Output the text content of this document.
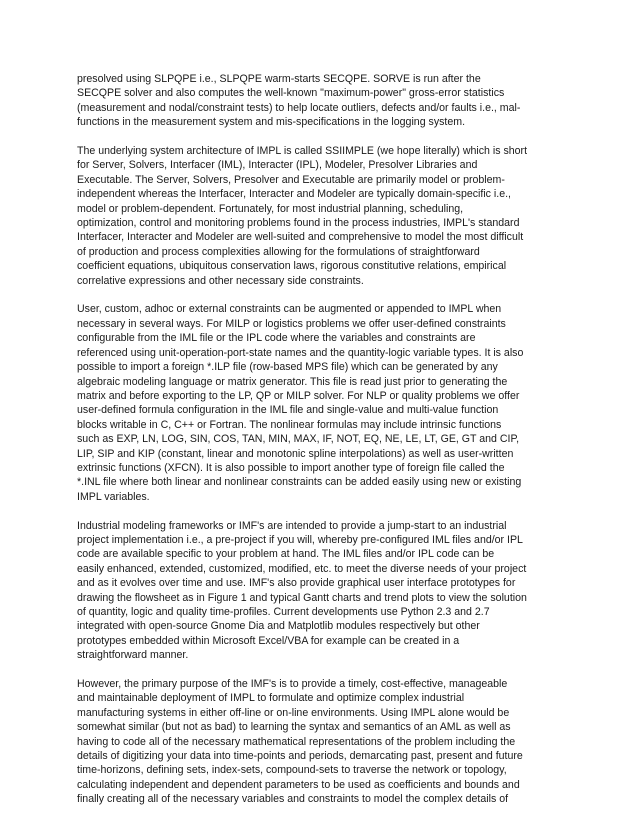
presolved using SLPQPE i.e., SLPQPE warm-starts SECQPE. SORVE is run after the
SECQPE solver and also computes the well-known "maximum-power" gross-error statistics
(measurement and nodal/constraint tests) to help locate outliers, defects and/or faults i.e., mal-
functions in the measurement system and mis-specifications in the logging system.

The underlying system architecture of IMPL is called SSIIMPLE (we hope literally) which is short
for Server, Solvers, Interfacer (IML), Interacter (IPL), Modeler, Presolver Libraries and
Executable. The Server, Solvers, Presolver and Executable are primarily model or problem-
independent whereas the Interfacer, Interacter and Modeler are typically domain-specific i.e.,
model or problem-dependent. Fortunately, for most industrial planning, scheduling,
optimization, control and monitoring problems found in the process industries, IMPL's standard
Interfacer, Interacter and Modeler are well-suited and comprehensive to model the most difficult
of production and process complexities allowing for the formulations of straightforward
coefficient equations, ubiquitous conservation laws, rigorous constitutive relations, empirical
correlative expressions and other necessary side constraints.

User, custom, adhoc or external constraints can be augmented or appended to IMPL when
necessary in several ways. For MILP or logistics problems we offer user-defined constraints
configurable from the IML file or the IPL code where the variables and constraints are
referenced using unit-operation-port-state names and the quantity-logic variable types. It is also
possible to import a foreign *.ILP file (row-based MPS file) which can be generated by any
algebraic modeling language or matrix generator. This file is read just prior to generating the
matrix and before exporting to the LP, QP or MILP solver. For NLP or quality problems we offer
user-defined formula configuration in the IML file and single-value and multi-value function
blocks writable in C, C++ or Fortran. The nonlinear formulas may include intrinsic functions
such as EXP, LN, LOG, SIN, COS, TAN, MIN, MAX, IF, NOT, EQ, NE, LE, LT, GE, GT and CIP,
LIP, SIP and KIP (constant, linear and monotonic spline interpolations) as well as user-written
extrinsic functions (XFCN). It is also possible to import another type of foreign file called the
*.INL file where both linear and nonlinear constraints can be added easily using new or existing
IMPL variables.

Industrial modeling frameworks or IMF's are intended to provide a jump-start to an industrial
project implementation i.e., a pre-project if you will, whereby pre-configured IML files and/or IPL
code are available specific to your problem at hand. The IML files and/or IPL code can be
easily enhanced, extended, customized, modified, etc. to meet the diverse needs of your project
and as it evolves over time and use. IMF's also provide graphical user interface prototypes for
drawing the flowsheet as in Figure 1 and typical Gantt charts and trend plots to view the solution
of quantity, logic and quality time-profiles. Current developments use Python 2.3 and 2.7
integrated with open-source Gnome Dia and Matplotlib modules respectively but other
prototypes embedded within Microsoft Excel/VBA for example can be created in a
straightforward manner.

However, the primary purpose of the IMF's is to provide a timely, cost-effective, manageable
and maintainable deployment of IMPL to formulate and optimize complex industrial
manufacturing systems in either off-line or on-line environments. Using IMPL alone would be
somewhat similar (but not as bad) to learning the syntax and semantics of an AML as well as
having to code all of the necessary mathematical representations of the problem including the
details of digitizing your data into time-points and periods, demarcating past, present and future
time-horizons, defining sets, index-sets, compound-sets to traverse the network or topology,
calculating independent and dependent parameters to be used as coefficients and bounds and
finally creating all of the necessary variables and constraints to model the complex details of
